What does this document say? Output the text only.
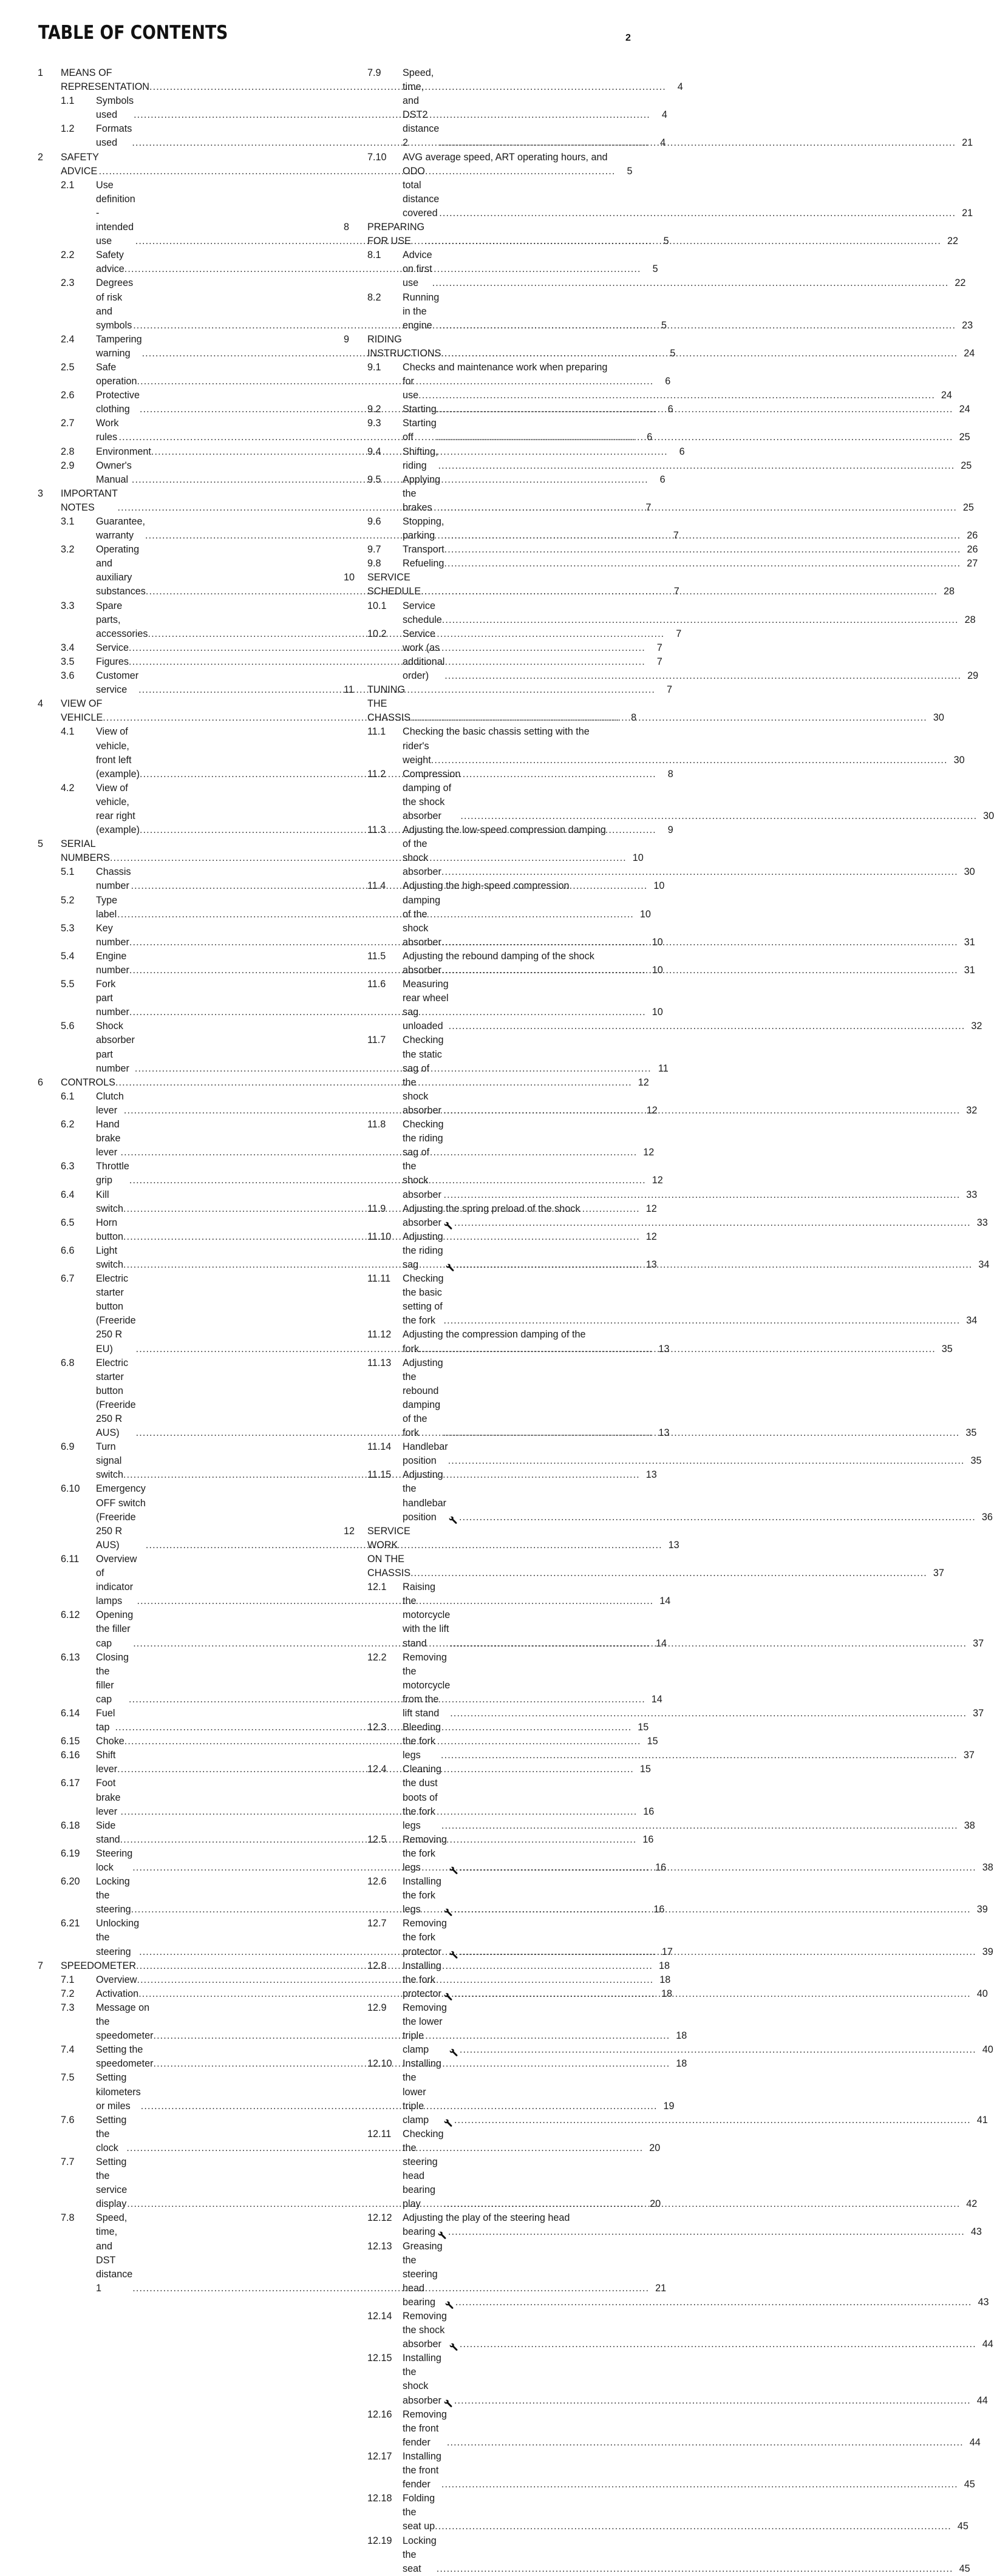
TABLE OF CONTENTS	2
1 MEANS OF REPRESENTATION .....	4
1.1 Symbols used .....	4
1.2 Formats used .....	4
2 SAFETY ADVICE .....	5
2.1 Use definition - intended use .....	5
2.2 Safety advice .....	5
2.3 Degrees of risk and symbols .....	5
2.4 Tampering warning .....	5
2.5 Safe operation .....	6
2.6 Protective clothing .....	6
2.7 Work rules .....	6
2.8 Environment .....	6
2.9 Owner's Manual .....	6
3 IMPORTANT NOTES .....	7
3.1 Guarantee, warranty .....	7
3.2 Operating and auxiliary substances .....	7
3.3 Spare parts, accessories .....	7
3.4 Service .....	7
3.5 Figures .....	7
3.6 Customer service .....	7
4 VIEW OF VEHICLE .....	8
4.1 View of vehicle, front left (example) .....	8
4.2 View of vehicle, rear right (example) .....	9
5 SERIAL NUMBERS .....	10
5.1 Chassis number .....	10
5.2 Type label .....	10
5.3 Key number .....	10
5.4 Engine number .....	10
5.5 Fork part number .....	10
5.6 Shock absorber part number .....	11
6 CONTROLS .....	12
6.1 Clutch lever .....	12
6.2 Hand brake lever .....	12
6.3 Throttle grip .....	12
6.4 Kill switch .....	12
6.5 Horn button .....	12
6.6 Light switch .....	13
6.7 Electric starter button (Freeride 250 R EU) .....	13
6.8 Electric starter button (Freeride 250 R AUS) .....	13
6.9 Turn signal switch .....	13
6.10 Emergency OFF switch (Freeride 250 R AUS) .....	13
6.11 Overview of indicator lamps .....	14
6.12 Opening the filler cap .....	14
6.13 Closing the filler cap .....	14
6.14 Fuel tap .....	15
6.15 Choke .....	15
6.16 Shift lever .....	15
6.17 Foot brake lever .....	16
6.18 Side stand .....	16
6.19 Steering lock .....	16
6.20 Locking the steering .....	16
6.21 Unlocking the steering .....	17
7 SPEEDOMETER .....	18
7.1 Overview .....	18
7.2 Activation .....	18
7.3 Message on the speedometer .....	18
7.4 Setting the speedometer .....	18
7.5 Setting kilometers or miles .....	19
7.6 Setting the clock .....	20
7.7 Setting the service display .....	20
7.8 Speed, time, and DST distance 1 .....	21
7.9 Speed, time, and DST2 distance 2 .....	21
7.10 AVG average speed, ART operating hours, and
ODO total distance covered .....	21
8 PREPARING FOR USE .....	22
8.1 Advice on first use .....	22
8.2 Running in the engine .....	23
9 RIDING INSTRUCTIONS .....	24
9.1 Checks and maintenance work when preparing
for use .....	24
9.2 Starting .....	24
9.3 Starting off .....	25
9.4 Shifting, riding .....	25
9.5 Applying the brakes .....	25
9.6 Stopping, parking .....	26
9.7 Transport .....	26
9.8 Refueling .....	27
10 SERVICE SCHEDULE .....	28
10.1 Service schedule .....	28
10.2 Service work (as additional order) .....	29
11 TUNING THE CHASSIS .....	30
11.1 Checking the basic chassis setting with the
rider's weight .....	30
11.2 Compression damping of the shock absorber .....	30
11.3 Adjusting the low-speed compression damping
of the shock absorber .....	30
11.4 Adjusting the high-speed compression
damping of the shock absorber .....	31
11.5 Adjusting the rebound damping of the shock
absorber .....	31
11.6 Measuring rear wheel sag unloaded .....	32
11.7 Checking the static sag of the shock absorber .....	32
11.8 Checking the riding sag of the shock absorber .....	33
11.9 Adjusting the spring preload of the shock
absorber .....	33
11.10 Adjusting the riding sag .....	34
11.11 Checking the basic setting of the fork .....	34
11.12 Adjusting the compression damping of the
fork .....	35
11.13 Adjusting the rebound damping of the fork .....	35
11.14 Handlebar position .....	35
11.15 Adjusting the handlebar position .....	36
12 SERVICE WORK ON THE CHASSIS .....	37
12.1 Raising the motorcycle with the lift stand .....	37
12.2 Removing the motorcycle from the lift stand .....	37
12.3 Bleeding the fork legs .....	37
12.4 Cleaning the dust boots of the fork legs .....	38
12.5 Removing the fork legs .....	38
12.6 Installing the fork legs .....	39
12.7 Removing the fork protector .....	39
12.8 Installing the fork protector .....	40
12.9 Removing the lower triple clamp .....	40
12.10 Installing the lower triple clamp .....	41
12.11 Checking the steering head bearing play .....	42
12.12 Adjusting the play of the steering head
bearing .....	43
12.13 Greasing the steering head bearing .....	43
12.14 Removing the shock absorber .....	44
12.15 Installing the shock absorber .....	44
12.16 Removing the front fender .....	44
12.17 Installing the front fender .....	45
12.18 Folding the seat up .....	45
12.19 Locking the seat .....	45
